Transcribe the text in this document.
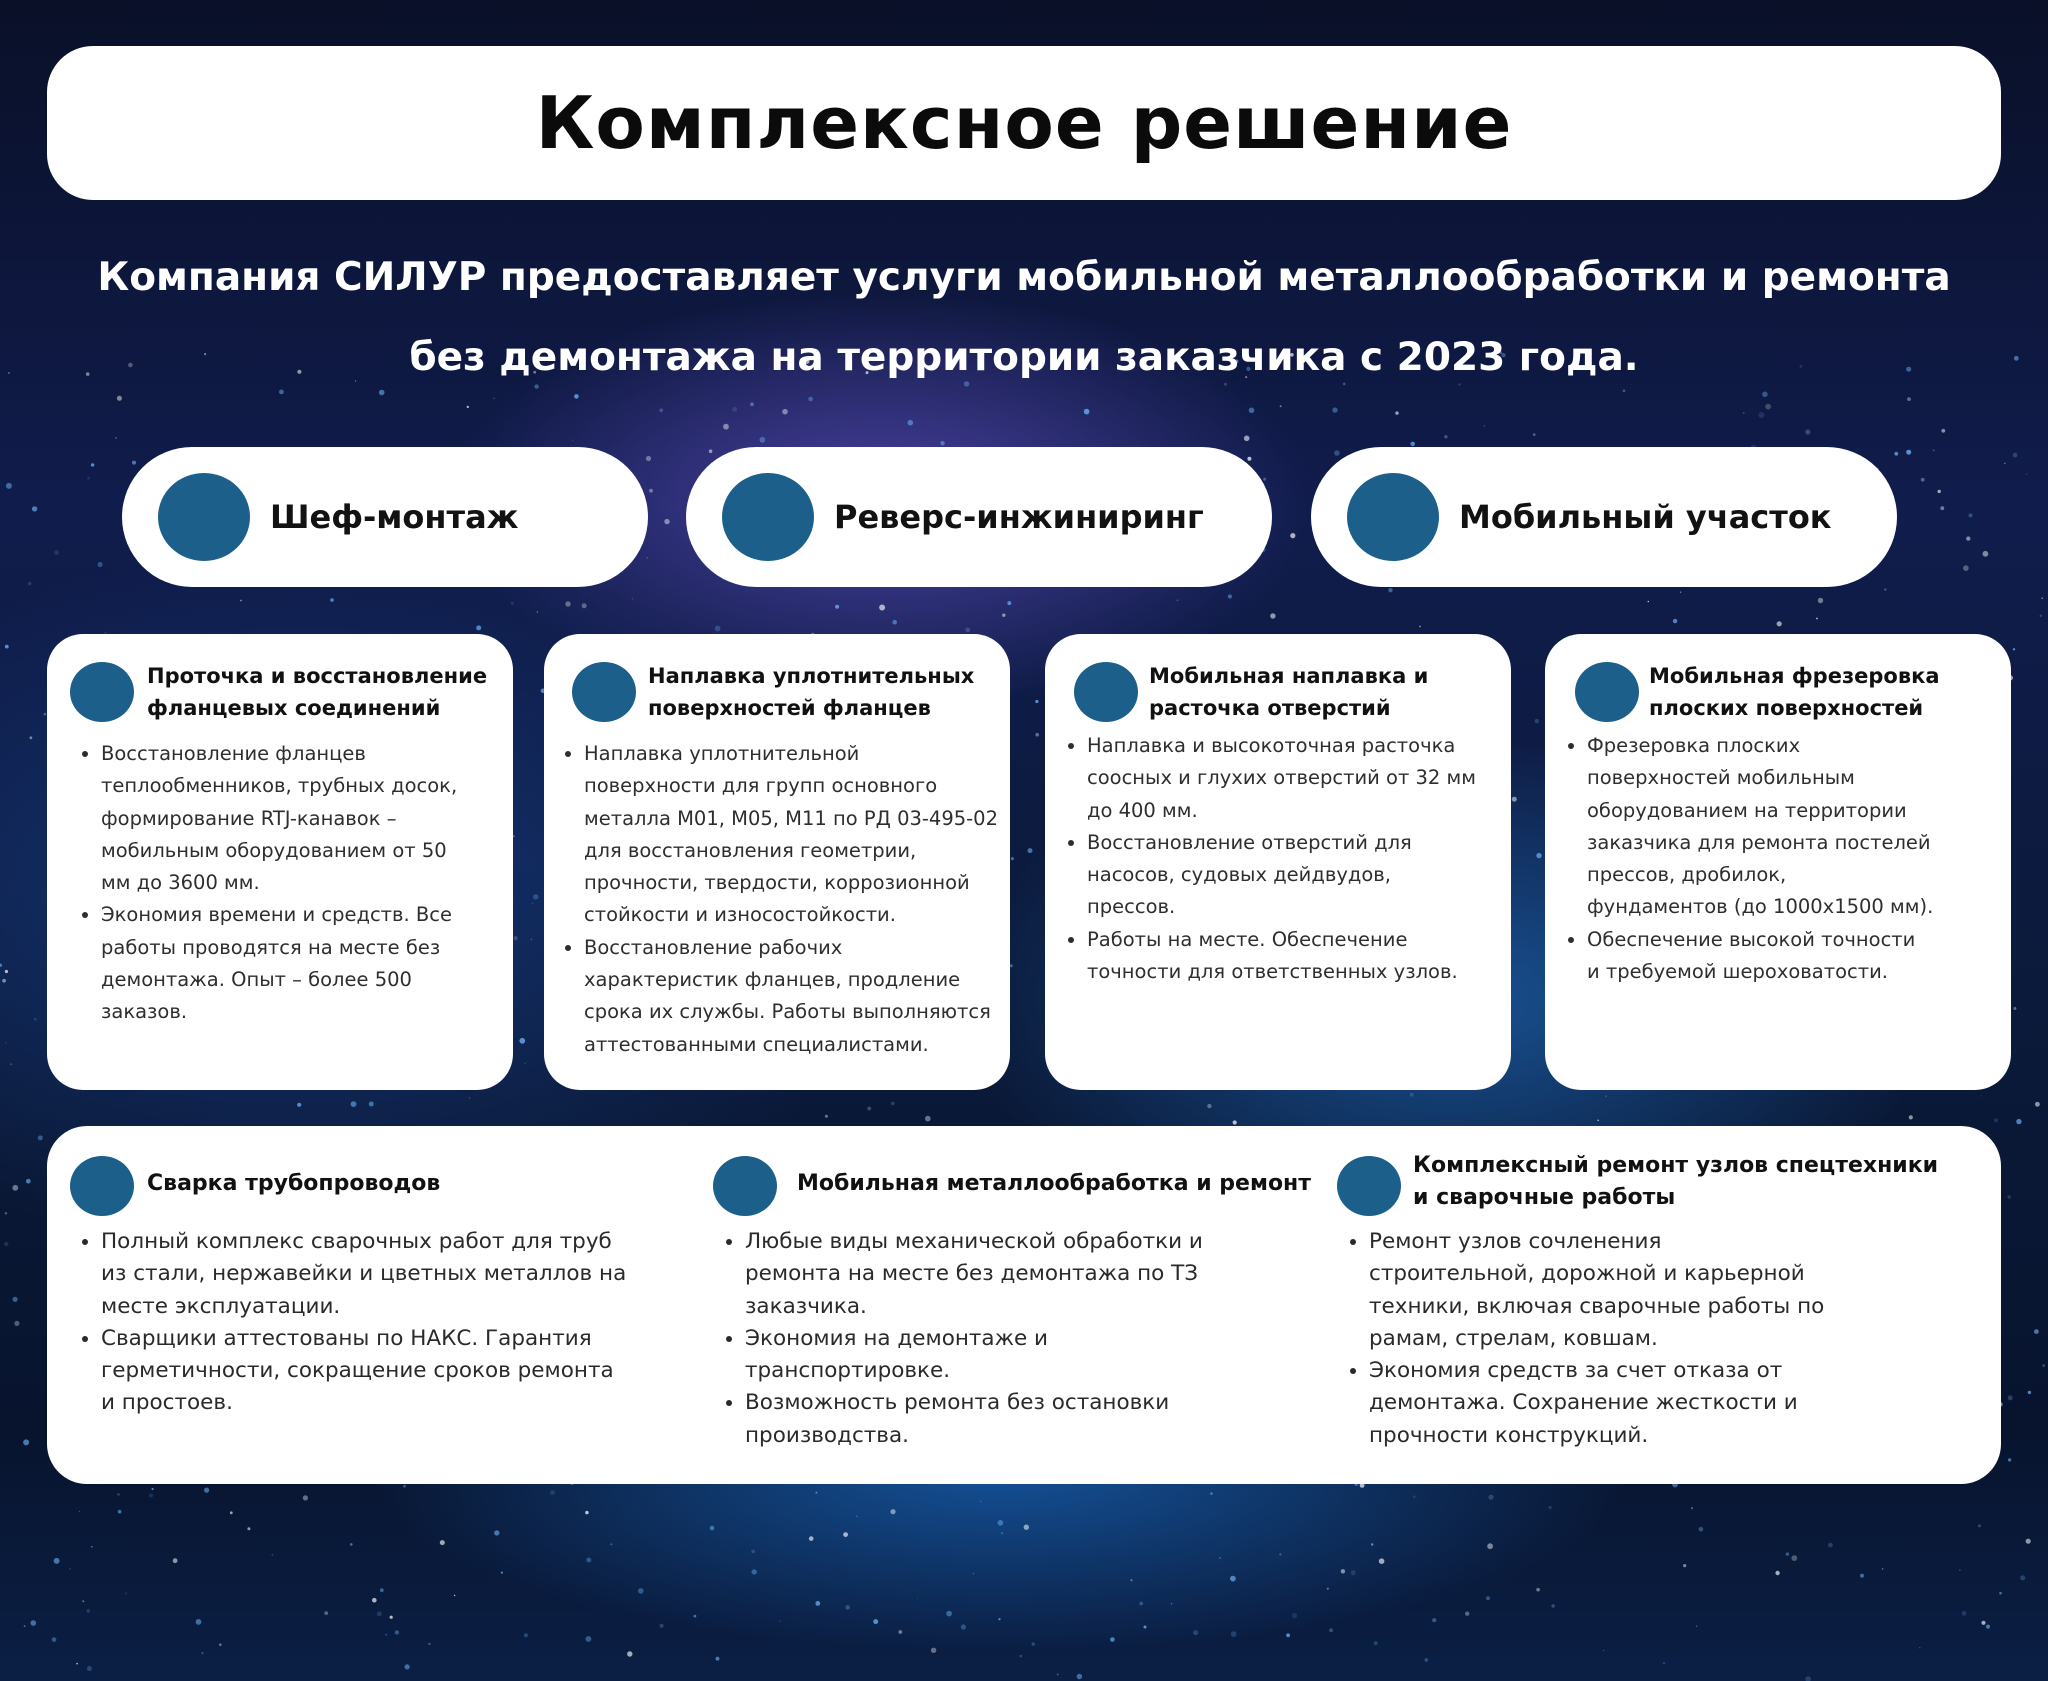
Комплексное решение
Компания СИЛУР предоставляет услуги мобильной металлообработки и ремонта
без демонтажа на территории заказчика с 2023 года.
Шеф-монтаж	Реверс-инжиниринг	Мобильный участок
Проточка и восстановление
фланцевых соединений
• Восстановление фланцев
теплообменников, трубных досок,
формирование RTJ-канавок –
мобильным оборудованием от 50
мм до 3600 мм.
• Экономия времени и средств. Все
работы проводятся на месте без
демонтажа. Опыт – более 500
заказов.
Наплавка уплотнительных
поверхностей фланцев
• Наплавка уплотнительной
поверхности для групп основного
металла М01, М05, М11 по РД 03-495-02
для восстановления геометрии,
прочности, твердости, коррозионной
стойкости и износостойкости.
• Восстановление рабочих
характеристик фланцев, продление
срока их службы. Работы выполняются
аттестованными специалистами.
Мобильная наплавка и
расточка отверстий
• Наплавка и высокоточная расточка
соосных и глухих отверстий от 32 мм
до 400 мм.
• Восстановление отверстий для
насосов, судовых дейдвудов,
прессов.
• Работы на месте. Обеспечение
точности для ответственных узлов.
Мобильная фрезеровка
плоских поверхностей
• Фрезеровка плоских
поверхностей мобильным
оборудованием на территории
заказчика для ремонта постелей
прессов, дробилок,
фундаментов (до 1000х1500 мм).
• Обеспечение высокой точности
и требуемой шероховатости.
Сварка трубопроводов
• Полный комплекс сварочных работ для труб
из стали, нержавейки и цветных металлов на
месте эксплуатации.
• Сварщики аттестованы по НАКС. Гарантия
герметичности, сокращение сроков ремонта
и простоев.
Мобильная металлообработка и ремонт
• Любые виды механической обработки и
ремонта на месте без демонтажа по ТЗ
заказчика.
• Экономия на демонтаже и
транспортировке.
• Возможность ремонта без остановки
производства.
Комплексный ремонт узлов спецтехники
и сварочные работы
• Ремонт узлов сочленения
строительной, дорожной и карьерной
техники, включая сварочные работы по
рамам, стрелам, ковшам.
• Экономия средств за счет отказа от
демонтажа. Сохранение жесткости и
прочности конструкций.
